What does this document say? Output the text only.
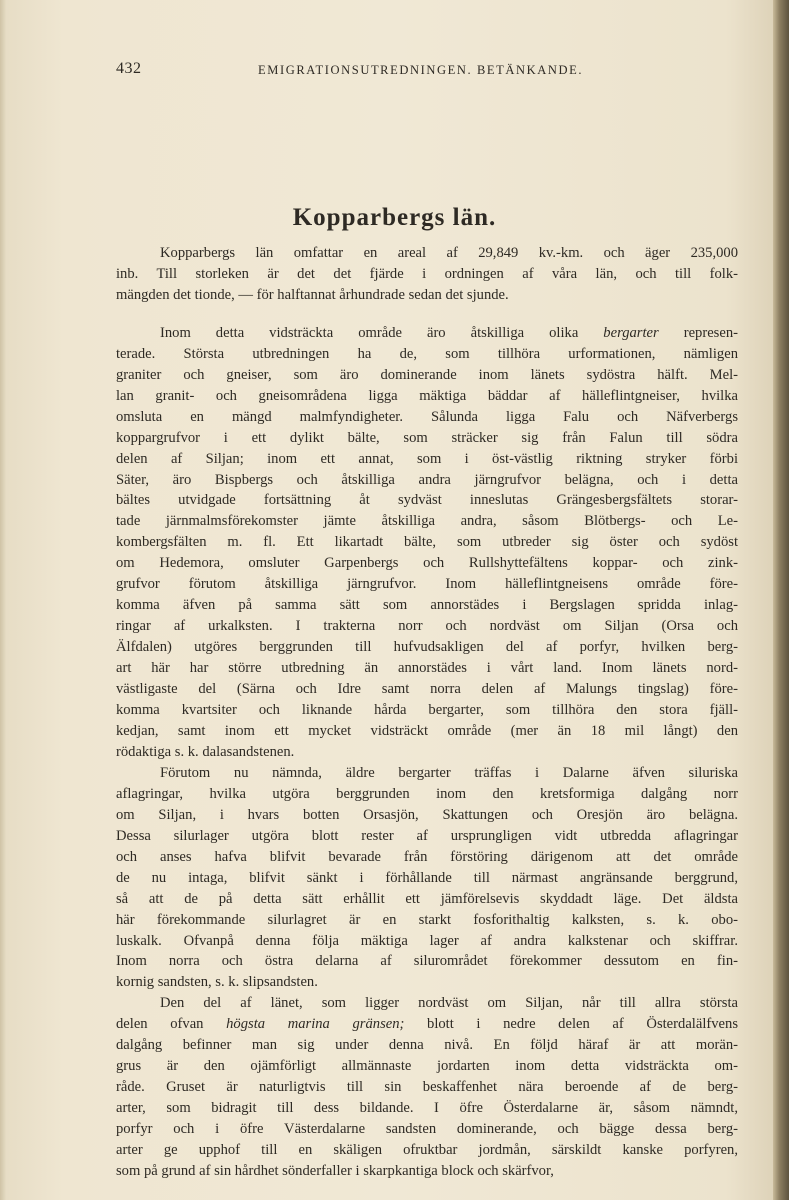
432	EMIGRATIONSUTREDNINGEN. BETÄNKANDE.
Kopparbergs län.
Kopparbergs län omfattar en areal af 29,849 kv.-km. och äger 235,000
inb. Till storleken är det det fjärde i ordningen af våra län, och till folk-
mängden det tionde, — för halftannat århundrade sedan det sjunde.
Inom detta vidsträckta område äro åtskilliga olika bergarter represen-
terade. Största utbredningen ha de, som tillhöra urformationen, nämligen
graniter och gneiser, som äro dominerande inom länets sydöstra hälft. Mel-
lan granit- och gneisområdena ligga mäktiga bäddar af hälleflintgneiser, hvilka
omsluta en mängd malmfyndigheter. Sålunda ligga Falu och Näfverbergs
koppargrufvor i ett dylikt bälte, som sträcker sig från Falun till södra
delen af Siljan; inom ett annat, som i öst-västlig riktning stryker förbi
Säter, äro Bispbergs och åtskilliga andra järngrufvor belägna, och i detta
bältes utvidgade fortsättning åt sydväst inneslutas Grängesbergsfältets storar-
tade järnmalmsförekomster jämte åtskilliga andra, såsom Blötbergs- och Le-
kombergsfälten m. fl. Ett likartadt bälte, som utbreder sig öster och sydöst
om Hedemora, omsluter Garpenbergs och Rullshyttefältens koppar- och zink-
grufvor förutom åtskilliga järngrufvor. Inom hälleflintgneisens område före-
komma äfven på samma sätt som annorstädes i Bergslagen spridda inlag-
ringar af urkalksten. I trakterna norr och nordväst om Siljan (Orsa och
Älfdalen) utgöres berggrunden till hufvudsakligen del af porfyr, hvilken berg-
art här har större utbredning än annorstädes i vårt land. Inom länets nord-
västligaste del (Särna och Idre samt norra delen af Malungs tingslag) före-
komma kvartsiter och liknande hårda bergarter, som tillhöra den stora fjäll-
kedjan, samt inom ett mycket vidsträckt område (mer än 18 mil långt) den
rödaktiga s. k. dalasandstenen.
Förutom nu nämnda, äldre bergarter träffas i Dalarne äfven siluriska
aflagringar, hvilka utgöra berggrunden inom den kretsformiga dalgång norr
om Siljan, i hvars botten Orsasjön, Skattungen och Oresjön äro belägna.
Dessa silurlager utgöra blott rester af ursprungligen vidt utbredda aflagringar
och anses hafva blifvit bevarade från förstöring därigenom att det område
de nu intaga, blifvit sänkt i förhållande till närmast angränsande berggrund,
så att de på detta sätt erhållit ett jämförelsevis skyddadt läge. Det äldsta
här förekommande silurlagret är en starkt fosforithaltig kalksten, s. k. obo-
luskalk. Ofvanpå denna följa mäktiga lager af andra kalkstenar och skiffrar.
Inom norra och östra delarna af silurområdet förekommer dessutom en fin-
kornig sandsten, s. k. slipsandsten.
Den del af länet, som ligger nordväst om Siljan, når till allra största
delen ofvan högsta marina gränsen; blott i nedre delen af Österdalälfvens
dalgång befinner man sig under denna nivå. En följd häraf är att morän-
grus är den ojämförligt allmännaste jordarten inom detta vidsträckta om-
råde. Gruset är naturligtvis till sin beskaffenhet nära beroende af de berg-
arter, som bidragit till dess bildande. I öfre Österdalarne är, såsom nämndt,
porfyr och i öfre Västerdalarne sandsten dominerande, och bägge dessa berg-
arter ge upphof till en skäligen ofruktbar jordmån, särskildt kanske porfyren,
som på grund af sin hårdhet sönderfaller i skarpkantiga block och skärfvor,
